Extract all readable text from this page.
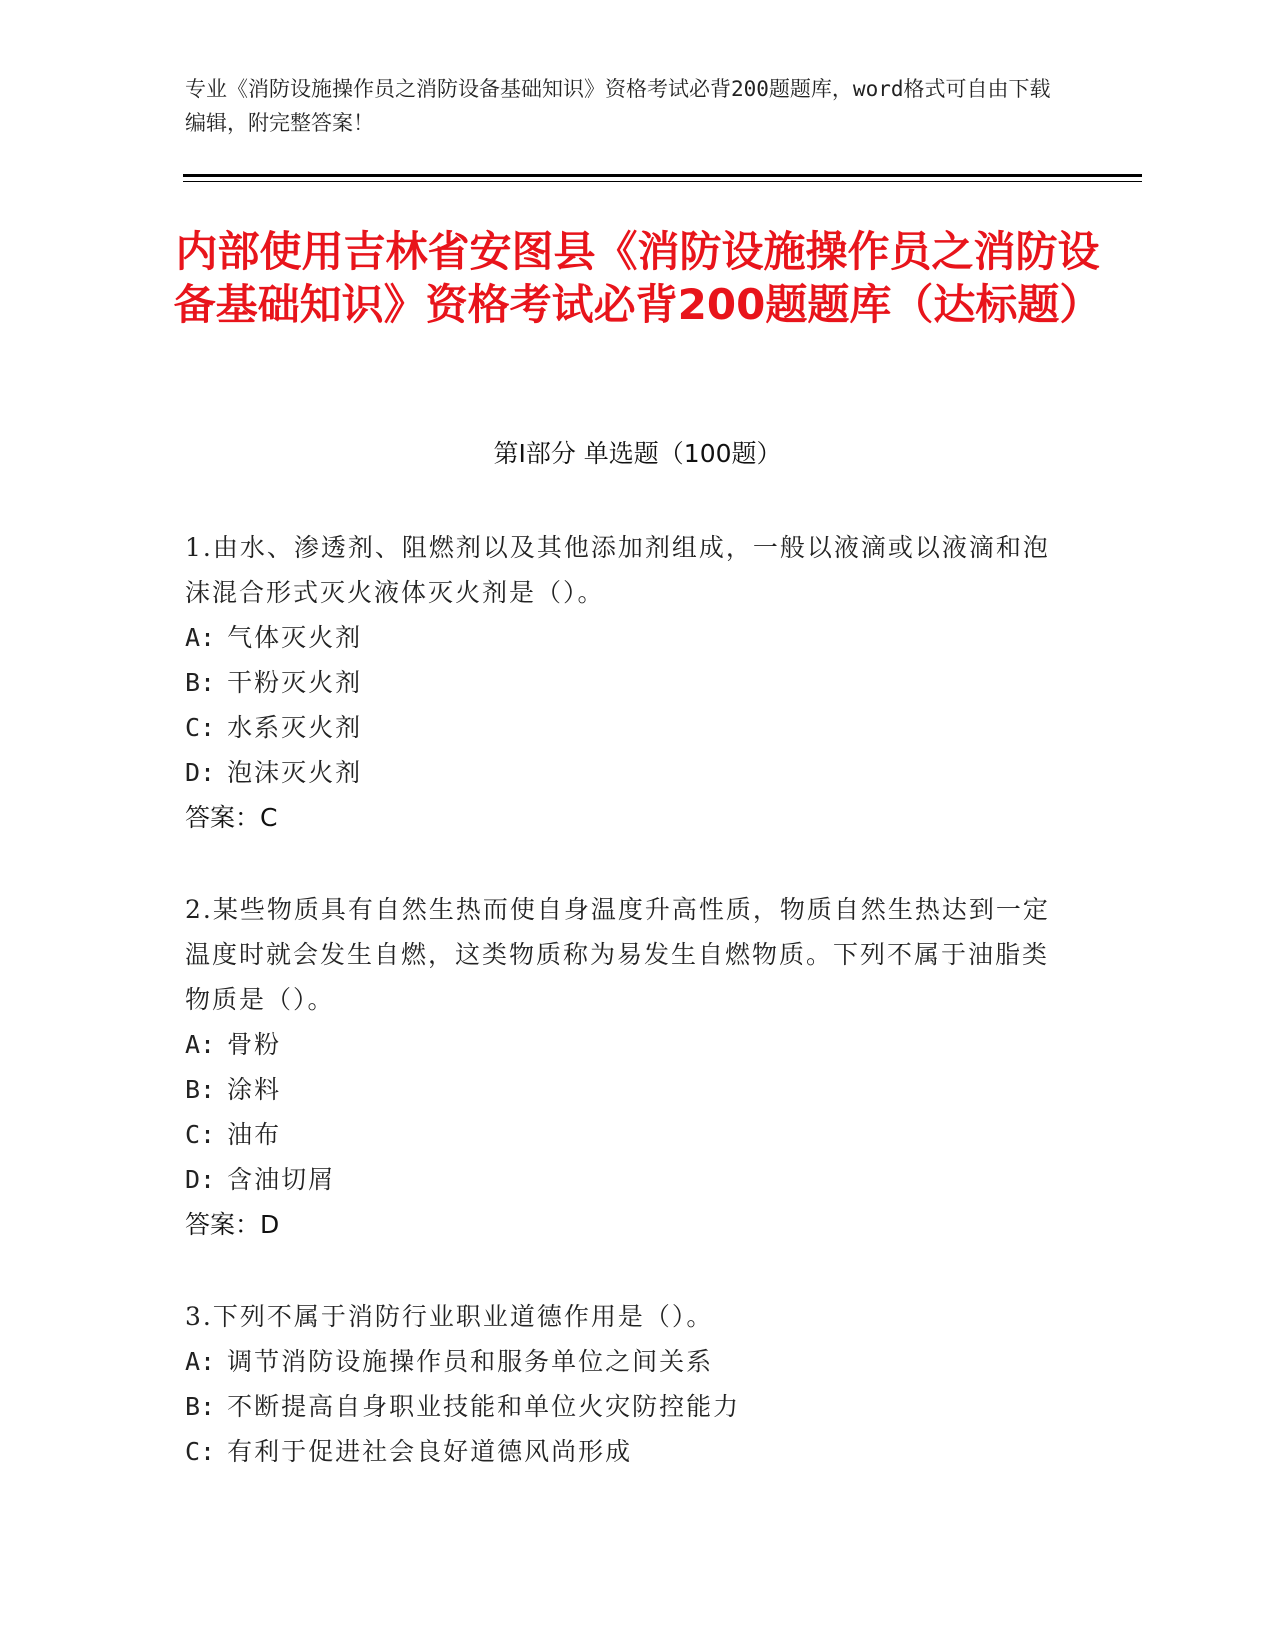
专业《消防设施操作员之消防设备基础知识》资格考试必背200题题库，word格式可自由下载编辑，附完整答案！
内部使用吉林省安图县《消防设施操作员之消防设备基础知识》资格考试必背200题题库（达标题）
第Ⅰ部分 单选题（100题）
1.由水、渗透剂、阻燃剂以及其他添加剂组成，一般以液滴或以液滴和泡沫混合形式灭火液体灭火剂是（）。
A: 气体灭火剂
B: 干粉灭火剂
C: 水系灭火剂
D: 泡沫灭火剂
答案：C
2.某些物质具有自然生热而使自身温度升高性质，物质自然生热达到一定温度时就会发生自燃，这类物质称为易发生自燃物质。下列不属于油脂类物质是（）。
A: 骨粉
B: 涂料
C: 油布
D: 含油切屑
答案：D
3.下列不属于消防行业职业道德作用是（）。
A: 调节消防设施操作员和服务单位之间关系
B: 不断提高自身职业技能和单位火灾防控能力
C: 有利于促进社会良好道德风尚形成
